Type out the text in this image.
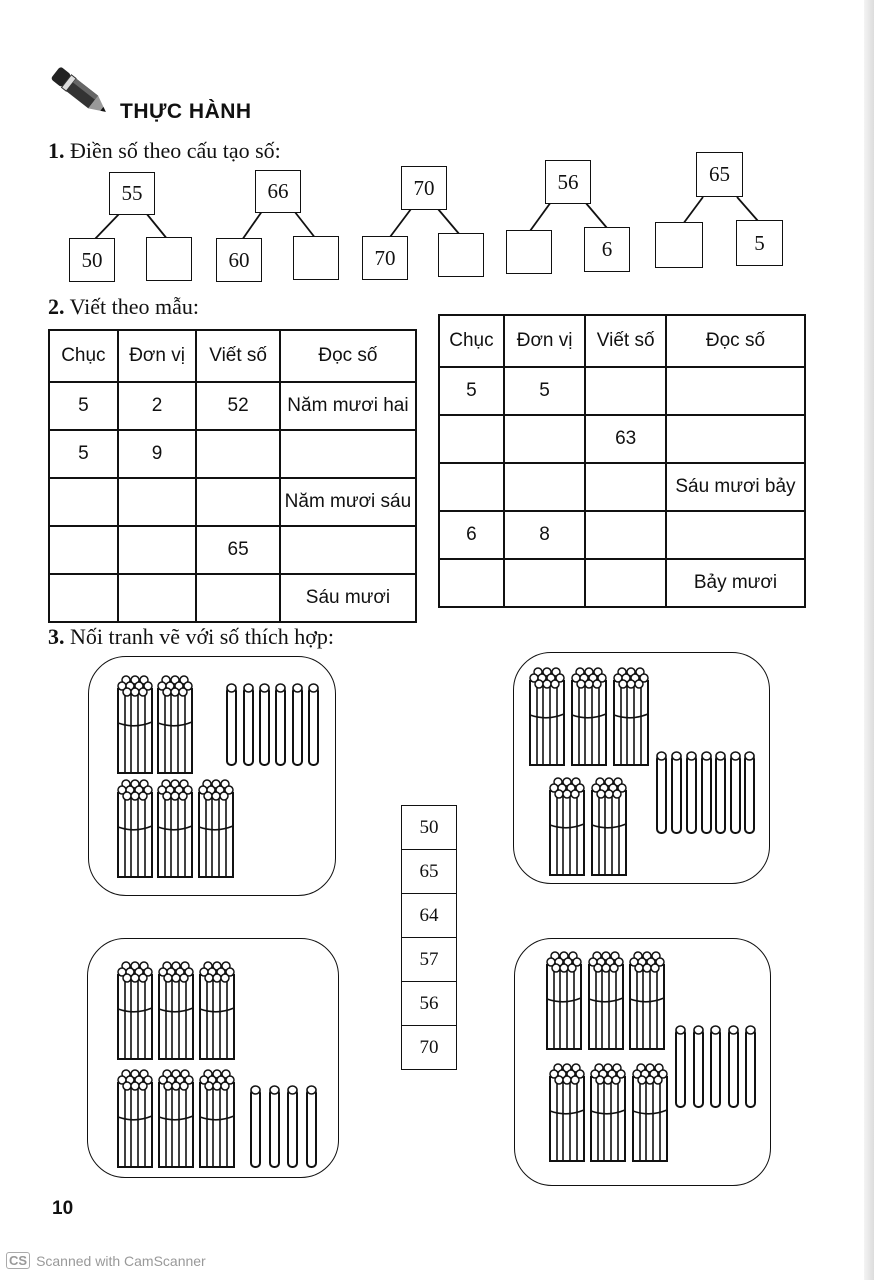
THỰC HÀNH
1. Điền số theo cấu tạo số:
55
50
66
60
70
70
56
6
65
5
2. Viết theo mẫu:
Chục	Đơn vị	Viết số	Đọc số
5	2	52	Năm mươi hai
5	9		
			Năm mươi sáu
		65	
			Sáu mươi
Chục	Đơn vị	Viết số	Đọc số
5	5		
		63	
			Sáu mươi bảy
6	8		
			Bảy mươi
3. Nối tranh vẽ với số thích hợp:
50
65
64
57
56
70
10
CS Scanned with CamScanner
